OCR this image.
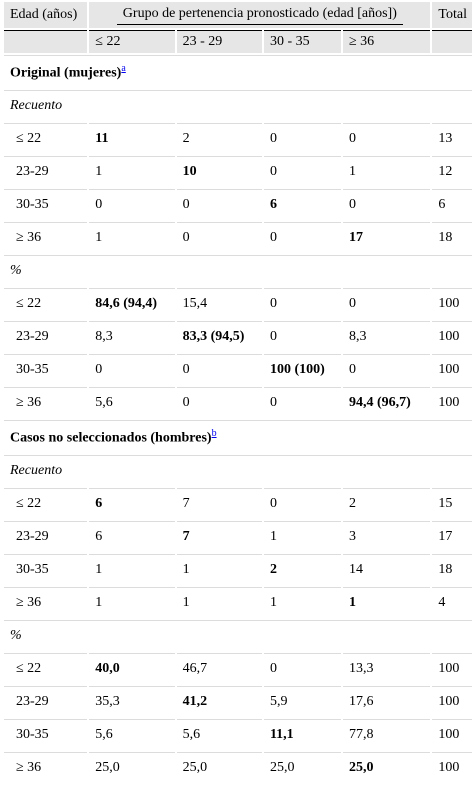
Edad (años)	Grupo de pertenencia pronosticado (edad [años])				Total
	≤ 22	23 - 29	30 - 35	≥ 36	
Original (mujeres)$^a$
Recuento					
≤ 22	11	2	0	0	13
23-29	1	10	0	1	12
30-35	0	0	6	0	6
≥ 36	1	0	0	17	18
%					
≤ 22	84,6 (94,4)	15,4	0	0	100
23-29	8,3	83,3 (94,5)	0	8,3	100
30-35	0	0	100 (100)	0	100
≥ 36	5,6	0	0	94,4 (96,7)	100
Casos no seleccionados (hombres)$^b$
Recuento					
≤ 22	6	7	0	2	15
23-29	6	7	1	3	17
30-35	1	1	2	14	18
≥ 36	1	1	1	1	4
%					
≤ 22	40,0	46,7	0	13,3	100
23-29	35,3	41,2	5,9	17,6	100
30-35	5,6	5,6	11,1	77,8	100
≥ 36	25,0	25,0	25,0	25,0	100
